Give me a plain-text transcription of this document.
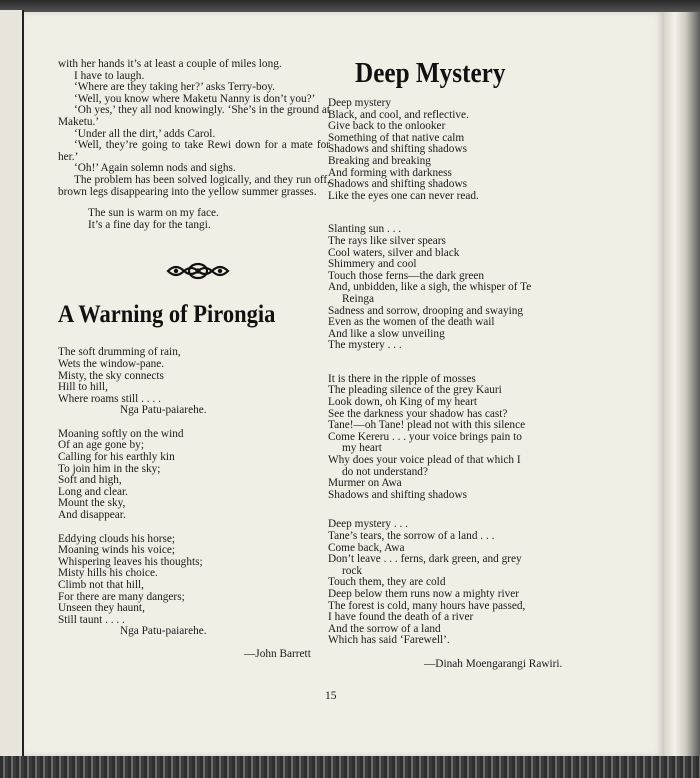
with her hands it’s at least a couple of miles long.

I have to laugh.

‘Where are they taking her?’ asks Terry-boy.

‘Well, you know where Maketu Nanny is don’t you?’

‘Oh yes,’ they all nod knowingly. ‘She’s in the ground at Maketu.’

‘Under all the dirt,’ adds Carol.

‘Well, they’re going to take Rewi down for a mate for her.’

‘Oh!’ Again solemn nods and sighs.

The problem has been solved logically, and they run off, brown legs disappearing into the yellow summer grasses.

The sun is warm on my face.
It’s a fine day for the tangi.
A Warning of Pirongia
The soft drumming of rain,
Wets the window-pane.
Misty, the sky connects
Hill to hill,
Where roams still . . . .
Nga Patu-paiarehe.
Moaning softly on the wind
Of an age gone by;
Calling for his earthly kin
To join him in the sky;
Soft and high,
Long and clear.
Mount the sky,
And disappear.
Eddying clouds his horse;
Moaning winds his voice;
Whispering leaves his thoughts;
Misty hills his choice.
Climb not that hill,
For there are many dangers;
Unseen they haunt,
Still taunt . . . .
Nga Patu-paiarehe.
—John Barrett
Deep Mystery
Deep mystery
Black, and cool, and reflective.
Give back to the onlooker
Something of that native calm
Shadows and shifting shadows
Breaking and breaking
And forming with darkness
Shadows and shifting shadows
Like the eyes one can never read.
Slanting sun . . .
The rays like silver spears
Cool waters, silver and black
Shimmery and cool
Touch those ferns—the dark green
And, unbidden, like a sigh, the whisper of Te
Reinga
Sadness and sorrow, drooping and swaying
Even as the women of the death wail
And like a slow unveiling
The mystery . . .
It is there in the ripple of mosses
The pleading silence of the grey Kauri
Look down, oh King of my heart
See the darkness your shadow has cast?
Tane!—oh Tane! plead not with this silence
Come Kereru . . . your voice brings pain to
my heart
Why does your voice plead of that which I
do not understand?
Murmer on Awa
Shadows and shifting shadows
Deep mystery . . .
Tane’s tears, the sorrow of a land . . .
Come back, Awa
Don’t leave . . . ferns, dark green, and grey
rock
Touch them, they are cold
Deep below them runs now a mighty river
The forest is cold, many hours have passed,
I have found the death of a river
And the sorrow of a land
Which has said ‘Farewell’.
—Dinah Moengarangi Rawiri.
15
